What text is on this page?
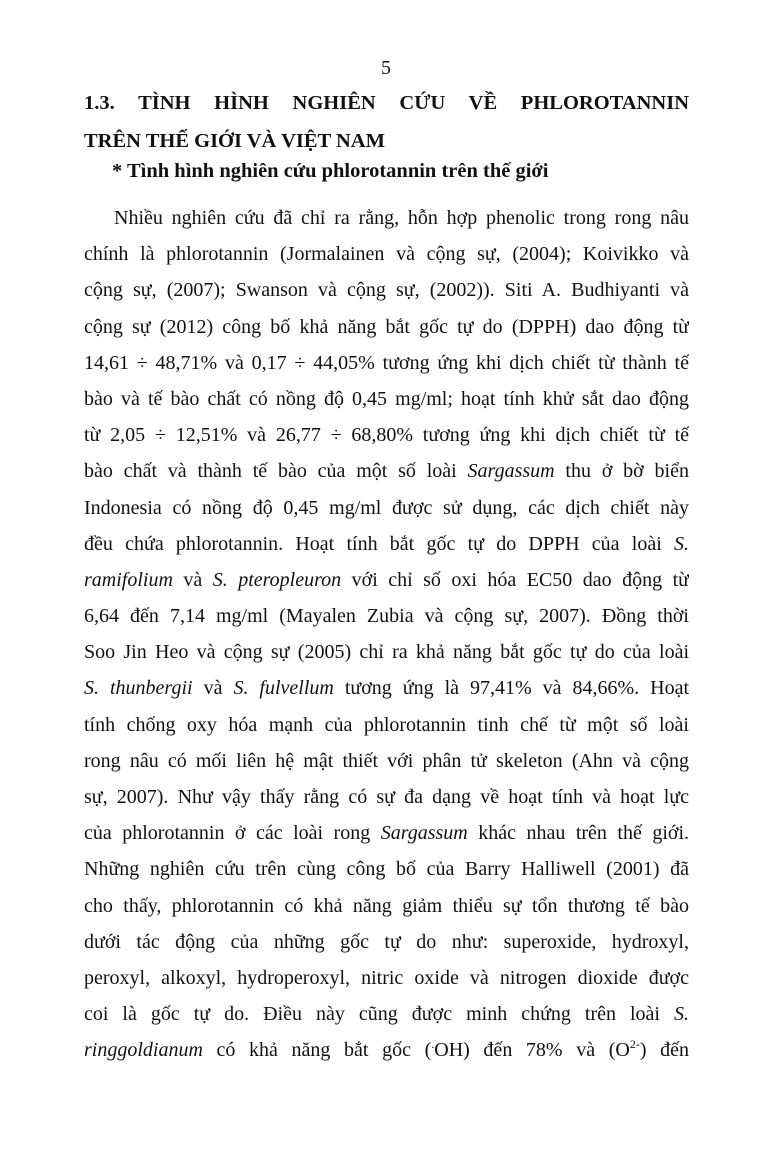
5
1.3. TÌNH HÌNH NGHIÊN CỨU VỀ PHLOROTANNIN
TRÊN THẾ GIỚI VÀ VIỆT NAM
* Tình hình nghiên cứu phlorotannin trên thế giới
Nhiều nghiên cứu đã chỉ ra rằng, hỗn hợp phenolic trong rong nâu
chính là phlorotannin (Jormalainen và cộng sự, (2004); Koivikko và
cộng sự, (2007); Swanson và cộng sự, (2002)). Siti A. Budhiyanti và
cộng sự (2012) công bố khả năng bắt gốc tự do (DPPH) dao động từ
14,61 ÷ 48,71% và 0,17 ÷ 44,05% tương ứng khi dịch chiết từ thành tế
bào và tế bào chất có nồng độ 0,45 mg/ml; hoạt tính khử sắt dao động
từ 2,05 ÷ 12,51% và 26,77 ÷ 68,80% tương ứng khi dịch chiết từ tế
bào chất và thành tế bào của một số loài Sargassum thu ở bờ biển
Indonesia có nồng độ 0,45 mg/ml được sử dụng, các dịch chiết này
đều chứa phlorotannin. Hoạt tính bắt gốc tự do DPPH của loài S.
ramifolium và S. pteropleuron với chỉ số oxi hóa EC50 dao động từ
6,64 đến 7,14 mg/ml (Mayalen Zubia và cộng sự, 2007). Đồng thời
Soo Jin Heo và cộng sự (2005) chỉ ra khả năng bắt gốc tự do của loài
S. thunbergii và S. fulvellum tương ứng là 97,41% và 84,66%. Hoạt
tính chống oxy hóa mạnh của phlorotannin tinh chế từ một số loài
rong nâu có mối liên hệ mật thiết với phân tử skeleton (Ahn và cộng
sự, 2007). Như vậy thấy rằng có sự đa dạng về hoạt tính và hoạt lực
của phlorotannin ở các loài rong Sargassum khác nhau trên thế giới.
Những nghiên cứu trên cùng công bố của Barry Halliwell (2001) đã
cho thấy, phlorotannin có khả năng giảm thiểu sự tổn thương tế bào
dưới tác động của những gốc tự do như: superoxide, hydroxyl,
peroxyl, alkoxyl, hydroperoxyl, nitric oxide và nitrogen dioxide được
coi là gốc tự do. Điều này cũng được minh chứng trên loài S.
ringgoldianum có khả năng bắt gốc (.OH) đến 78% và $(O^{2-})$ đến
